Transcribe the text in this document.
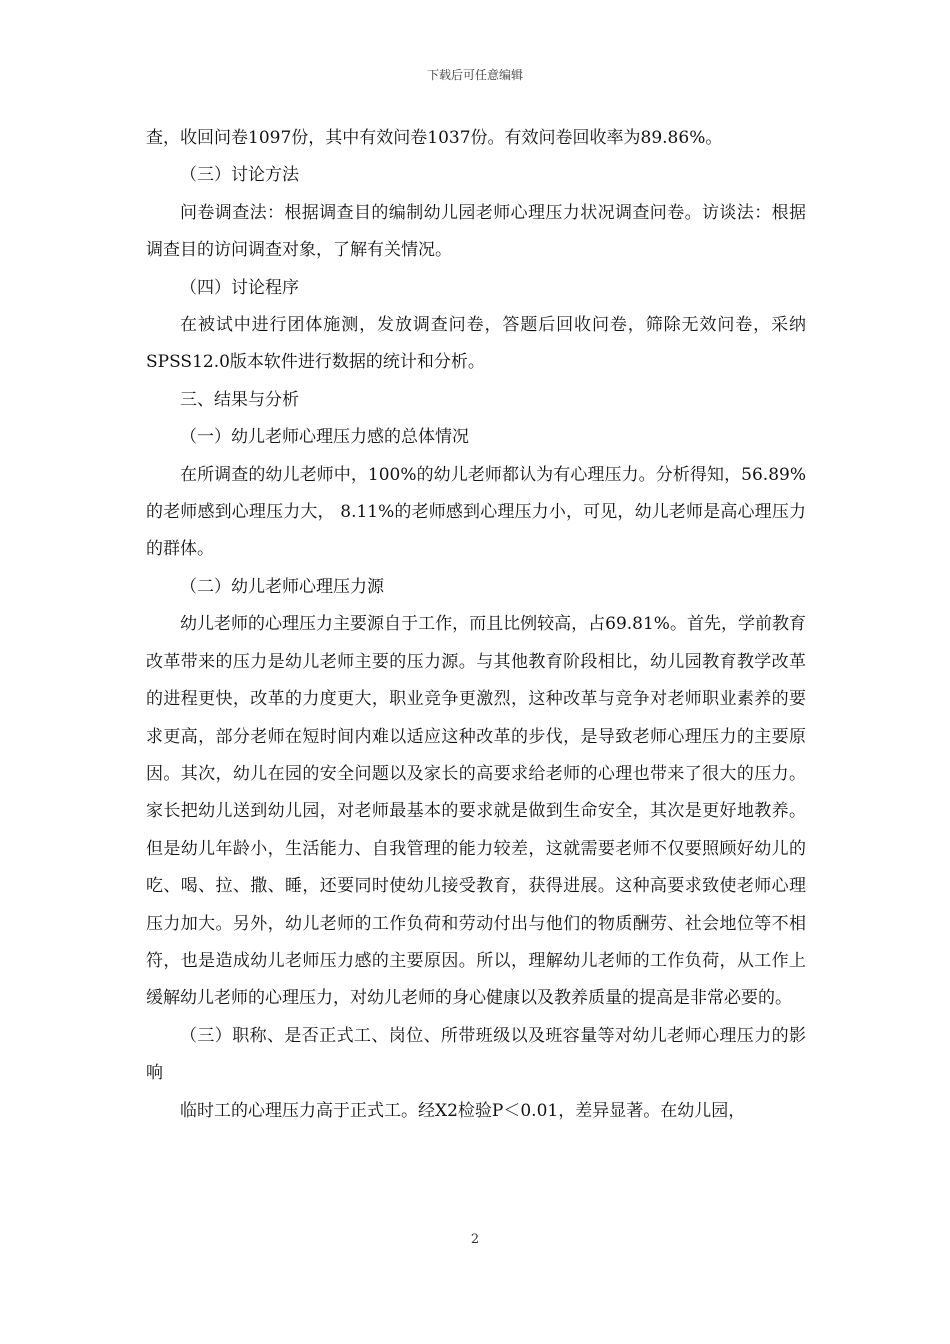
下载后可任意编辑

查，收回问卷1097份，其中有效问卷1037份。有效问卷回收率为89.86%。

（三）讨论方法

问卷调查法：根据调查目的编制幼儿园老师心理压力状况调查问卷。访谈法：根据调查目的访问调查对象，了解有关情况。

（四）讨论程序

在被试中进行团体施测，发放调查问卷，答题后回收问卷，筛除无效问卷，采纳SPSS12.0版本软件进行数据的统计和分析。

三、结果与分析

（一）幼儿老师心理压力感的总体情况

在所调查的幼儿老师中，100%的幼儿老师都认为有心理压力。分析得知，56.89%的老师感到心理压力大， 8.11%的老师感到心理压力小，可见，幼儿老师是高心理压力的群体。

（二）幼儿老师心理压力源

幼儿老师的心理压力主要源自于工作，而且比例较高，占69.81%。首先，学前教育改革带来的压力是幼儿老师主要的压力源。与其他教育阶段相比，幼儿园教育教学改革的进程更快，改革的力度更大，职业竞争更激烈，这种改革与竞争对老师职业素养的要求更高，部分老师在短时间内难以适应这种改革的步伐，是导致老师心理压力的主要原因。其次，幼儿在园的安全问题以及家长的高要求给老师的心理也带来了很大的压力。家长把幼儿送到幼儿园，对老师最基本的要求就是做到生命安全，其次是更好地教养。但是幼儿年龄小，生活能力、自我管理的能力较差，这就需要老师不仅要照顾好幼儿的吃、喝、拉、撒、睡，还要同时使幼儿接受教育，获得进展。这种高要求致使老师心理压力加大。另外，幼儿老师的工作负荷和劳动付出与他们的物质酬劳、社会地位等不相符，也是造成幼儿老师压力感的主要原因。所以，理解幼儿老师的工作负荷，从工作上缓解幼儿老师的心理压力，对幼儿老师的身心健康以及教养质量的提高是非常必要的。

（三）职称、是否正式工、岗位、所带班级以及班容量等对幼儿老师心理压力的影响

临时工的心理压力高于正式工。经X2检验P＜0.01，差异显著。在幼儿园，

2
